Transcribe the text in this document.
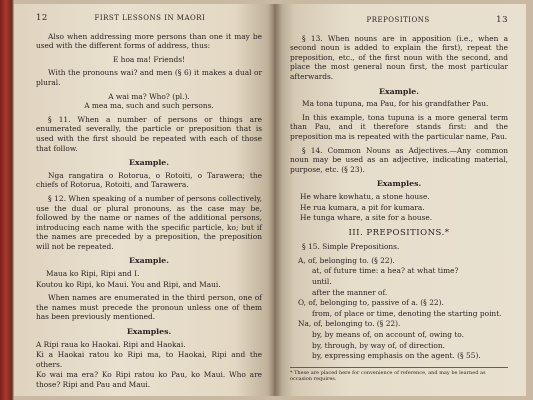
12	FIRST LESSONS IN MAORI

Also when addressing more persons than one it may be used with the different forms of address, thus:

E hoa ma! Friends!

With the pronouns wai? and men (§ 6) it makes a dual or plural.

A wai ma? Who? (pl.).

A mea ma, such and such persons.

§ 11. When a number of persons or things are enumerated severally, the particle or preposition that is used with the first should be repeated with each of those that follow.

Example.

Nga rangatira o Rotorua, o Rotoiti, o Tarawera; the chiefs of Rotorua, Rotoiti, and Tarawera.

§ 12. When speaking of a number of persons collectively, use the dual or plural pronouns, as the case may be, followed by the name or names of the additional persons, introducing each name with the specific particle, ko; but if the names are preceded by a preposition, the preposition will not be repeated.

Example.

Maua ko Ripi, Ripi and I.

Koutou ko Ripi, ko Maui. You and Ripi, and Maui.

When names are enumerated in the third person, one of the names must precede the pronoun unless one of them has been previously mentioned.

Examples.

A Ripi raua ko Haokai. Ripi and Haokai.

Ki a Haokai ratou ko Ripi ma, to Haokai, Ripi and the others.

Ko wai ma era? Ko Ripi ratou ko Pau, ko Maui. Who are those? Ripi and Pau and Maui.

PREPOSITIONS	13

§ 13. When nouns are in apposition (i.e., when a second noun is added to explain the first), repeat the preposition, etc., of the first noun with the second, and place the most general noun first, the most particular afterwards.

Example.

Ma tona tupuna, ma Pau, for his grandfather Pau.

In this example, tona tupuna is a more general term than Pau, and it therefore stands first: and the preposition ma is repeated with the particular name, Pau.

§ 14. Common Nouns as Adjectives.—Any common noun may be used as an adjective, indicating material, purpose, etc. (§ 23).

Examples.

He whare kowhatu, a stone house.

He rua kumara, a pit for kumara.

He tunga whare, a site for a house.

III. PREPOSITIONS.*

§ 15. Simple Prepositions.

A, of, belonging to. (§ 22).

at, of future time: a hea? at what time?

until.

after the manner of.

O, of, belonging to, passive of a. (§ 22).

from, of place or time, denoting the starting point.

Na, of, belonging to. (§ 22).

by, by means of, on account of, owing to.

by, through, by way of, of direction.

by, expressing emphasis on the agent. (§ 55).

* These are placed here for convenience of reference, and may be learned as occasion requires.
